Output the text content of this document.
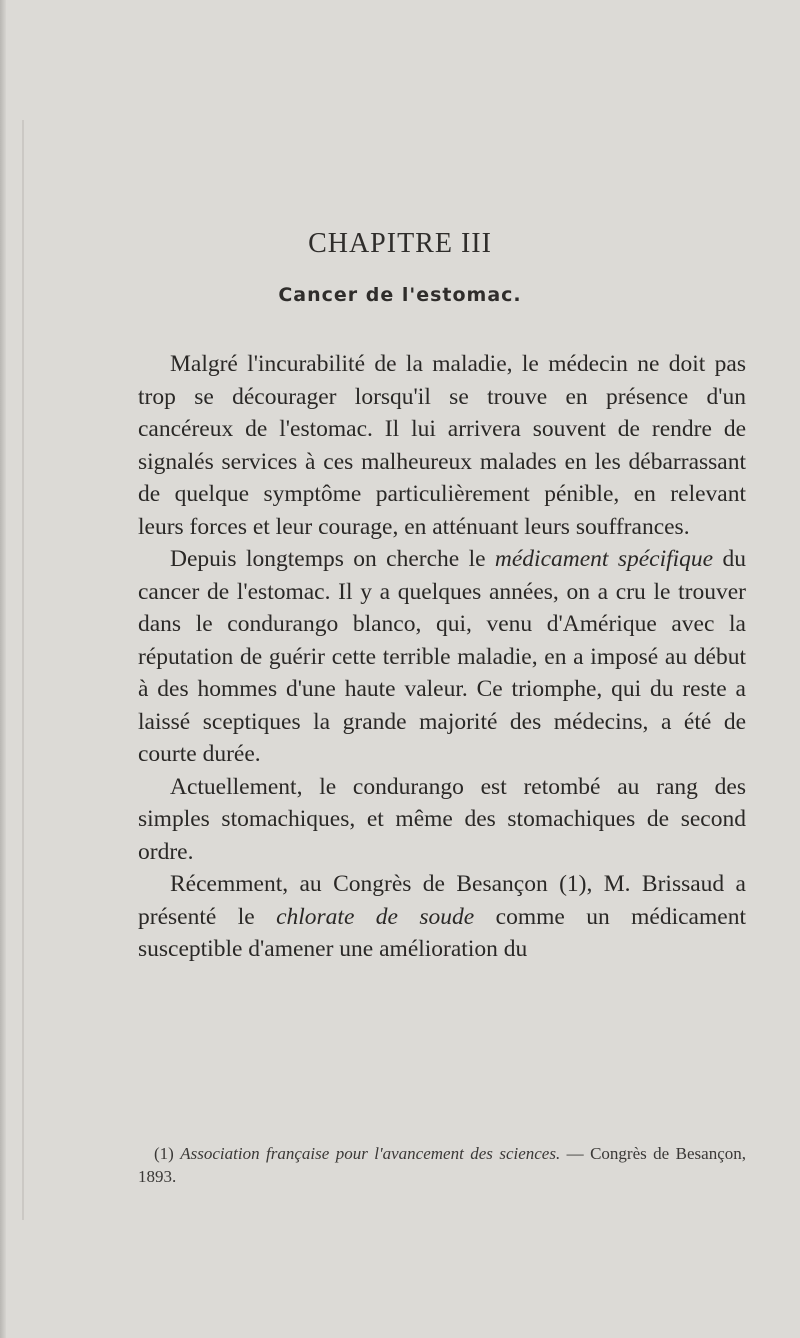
CHAPITRE III
Cancer de l'estomac.

Malgré l'incurabilité de la maladie, le médecin ne doit pas trop se décourager lorsqu'il se trouve en présence d'un cancéreux de l'estomac. Il lui arrivera souvent de rendre de signalés services à ces malheureux malades en les débarrassant de quelque symptôme particulièrement pénible, en relevant leurs forces et leur courage, en atténuant leurs souffrances.

Depuis longtemps on cherche le médicament spécifique du cancer de l'estomac. Il y a quelques années, on a cru le trouver dans le condurango blanco, qui, venu d'Amérique avec la réputation de guérir cette terrible maladie, en a imposé au début à des hommes d'une haute valeur. Ce triomphe, qui du reste a laissé sceptiques la grande majorité des médecins, a été de courte durée.

Actuellement, le condurango est retombé au rang des simples stomachiques, et même des stomachiques de second ordre.

Récemment, au Congrès de Besançon (1), M. Brissaud a présenté le chlorate de soude comme un médicament susceptible d'amener une amélioration du

(1) Association française pour l'avancement des sciences. — Congrès de Besançon, 1893.
